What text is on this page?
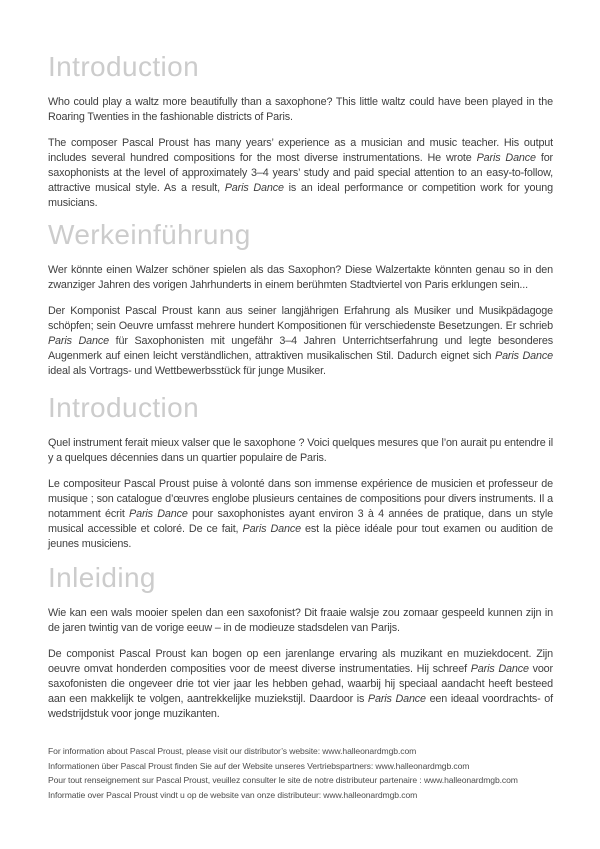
Introduction

Who could play a waltz more beautifully than a saxophone? This little waltz could have been played in the Roaring Twenties in the fashionable districts of Paris.

The composer Pascal Proust has many years’ experience as a musician and music teacher. His output includes several hundred compositions for the most diverse instrumentations. He wrote Paris Dance for saxophonists at the level of approximately 3–4 years’ study and paid special attention to an easy-to-follow, attractive musical style. As a result, Paris Dance is an ideal performance or competition work for young musicians.

Werkeinführung

Wer könnte einen Walzer schöner spielen als das Saxophon? Diese Walzertakte könnten genau so in den zwanziger Jahren des vorigen Jahrhunderts in einem berühmten Stadtviertel von Paris erklungen sein...

Der Komponist Pascal Proust kann aus seiner langjährigen Erfahrung als Musiker und Musikpädagoge schöpfen; sein Oeuvre umfasst mehrere hundert Kompositionen für verschiedenste Besetzungen. Er schrieb Paris Dance für Saxophonisten mit ungefähr 3–4 Jahren Unterrichtserfahrung und legte besonderes Augenmerk auf einen leicht verständlichen, attraktiven musikalischen Stil. Dadurch eignet sich Paris Dance ideal als Vortrags- und Wettbewerbsstück für junge Musiker.

Introduction

Quel instrument ferait mieux valser que le saxophone ? Voici quelques mesures que l’on aurait pu entendre il y a quelques décennies dans un quartier populaire de Paris.

Le compositeur Pascal Proust puise à volonté dans son immense expérience de musicien et professeur de musique ; son catalogue d’œuvres englobe plusieurs centaines de compositions pour divers instruments. Il a notamment écrit Paris Dance pour saxophonistes ayant environ 3 à 4 années de pratique, dans un style musical accessible et coloré. De ce fait, Paris Dance est la pièce idéale pour tout examen ou audition de jeunes musiciens.

Inleiding

Wie kan een wals mooier spelen dan een saxofonist? Dit fraaie walsje zou zomaar gespeeld kunnen zijn in de jaren twintig van de vorige eeuw – in de modieuze stadsdelen van Parijs.

De componist Pascal Proust kan bogen op een jarenlange ervaring als muzikant en muziekdocent. Zijn oeuvre omvat honderden composities voor de meest diverse instrumentaties. Hij schreef Paris Dance voor saxofonisten die ongeveer drie tot vier jaar les hebben gehad, waarbij hij speciaal aandacht heeft besteed aan een makkelijk te volgen, aantrekkelijke muziekstijl. Daardoor is Paris Dance een ideaal voordrachts- of wedstrijdstuk voor jonge muzikanten.

For information about Pascal Proust, please visit our distributor’s website: www.halleonardmgb.com

Informationen über Pascal Proust finden Sie auf der Website unseres Vertriebspartners: www.halleonardmgb.com

Pour tout renseignement sur Pascal Proust, veuillez consulter le site de notre distributeur partenaire : www.halleonardmgb.com

Informatie over Pascal Proust vindt u op de website van onze distributeur: www.halleonardmgb.com
